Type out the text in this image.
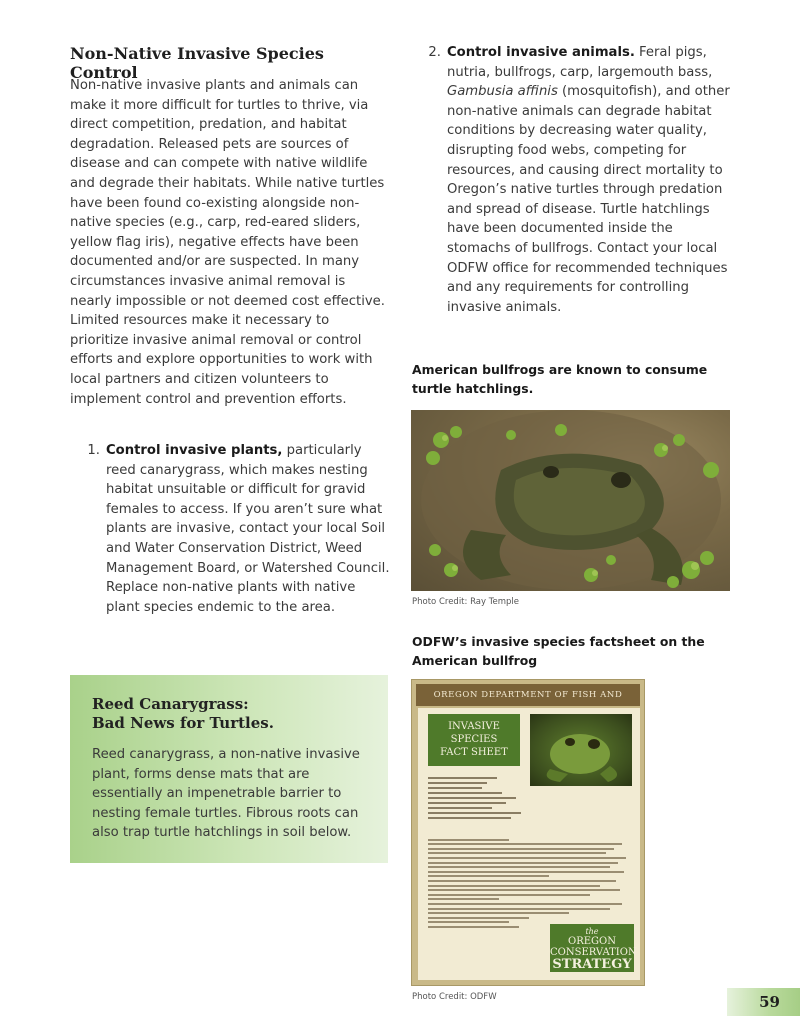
Non-Native Invasive Species Control

Non-native invasive plants and animals can make it more difficult for turtles to thrive, via direct competition, predation, and habitat degradation. Released pets are sources of disease and can compete with native wildlife and degrade their habitats. While native turtles have been found co-existing alongside non-native species (e.g., carp, red-eared sliders, yellow flag iris), negative effects have been documented and/or are suspected. In many circumstances invasive animal removal is nearly impossible or not deemed cost effective. Limited resources make it necessary to prioritize invasive animal removal or control efforts and explore opportunities to work with local partners and citizen volunteers to implement control and prevention efforts.

1. Control invasive plants, particularly reed canarygrass, which makes nesting habitat unsuitable or difficult for gravid females to access. If you aren’t sure what plants are invasive, contact your local Soil and Water Conservation District, Weed Management Board, or Watershed Council. Replace non-native plants with native plant species endemic to the area.
Reed Canarygrass:
Bad News for Turtles.

Reed canarygrass, a non-native invasive plant, forms dense mats that are essentially an impenetrable barrier to nesting female turtles. Fibrous roots can also trap turtle hatchlings in soil below.

2. Control invasive animals. Feral pigs, nutria, bullfrogs, carp, largemouth bass, Gambusia affinis (mosquitofish), and other non-native animals can degrade habitat conditions by decreasing water quality, disrupting food webs, competing for resources, and causing direct mortality to Oregon’s native turtles through predation and spread of disease. Turtle hatchlings have been documented inside the stomachs of bullfrogs. Contact your local ODFW office for recommended techniques and any requirements for controlling invasive animals.
American bullfrogs are known to consume turtle hatchlings.
Photo Credit: Ray Temple
ODFW’s invasive species factsheet on the American bullfrog
OREGON DEPARTMENT OF FISH AND
INVASIVE SPECIES
FACT SHEET
the
OREGON
CONSERVATION
STRATEGY
Photo Credit: ODFW	59
